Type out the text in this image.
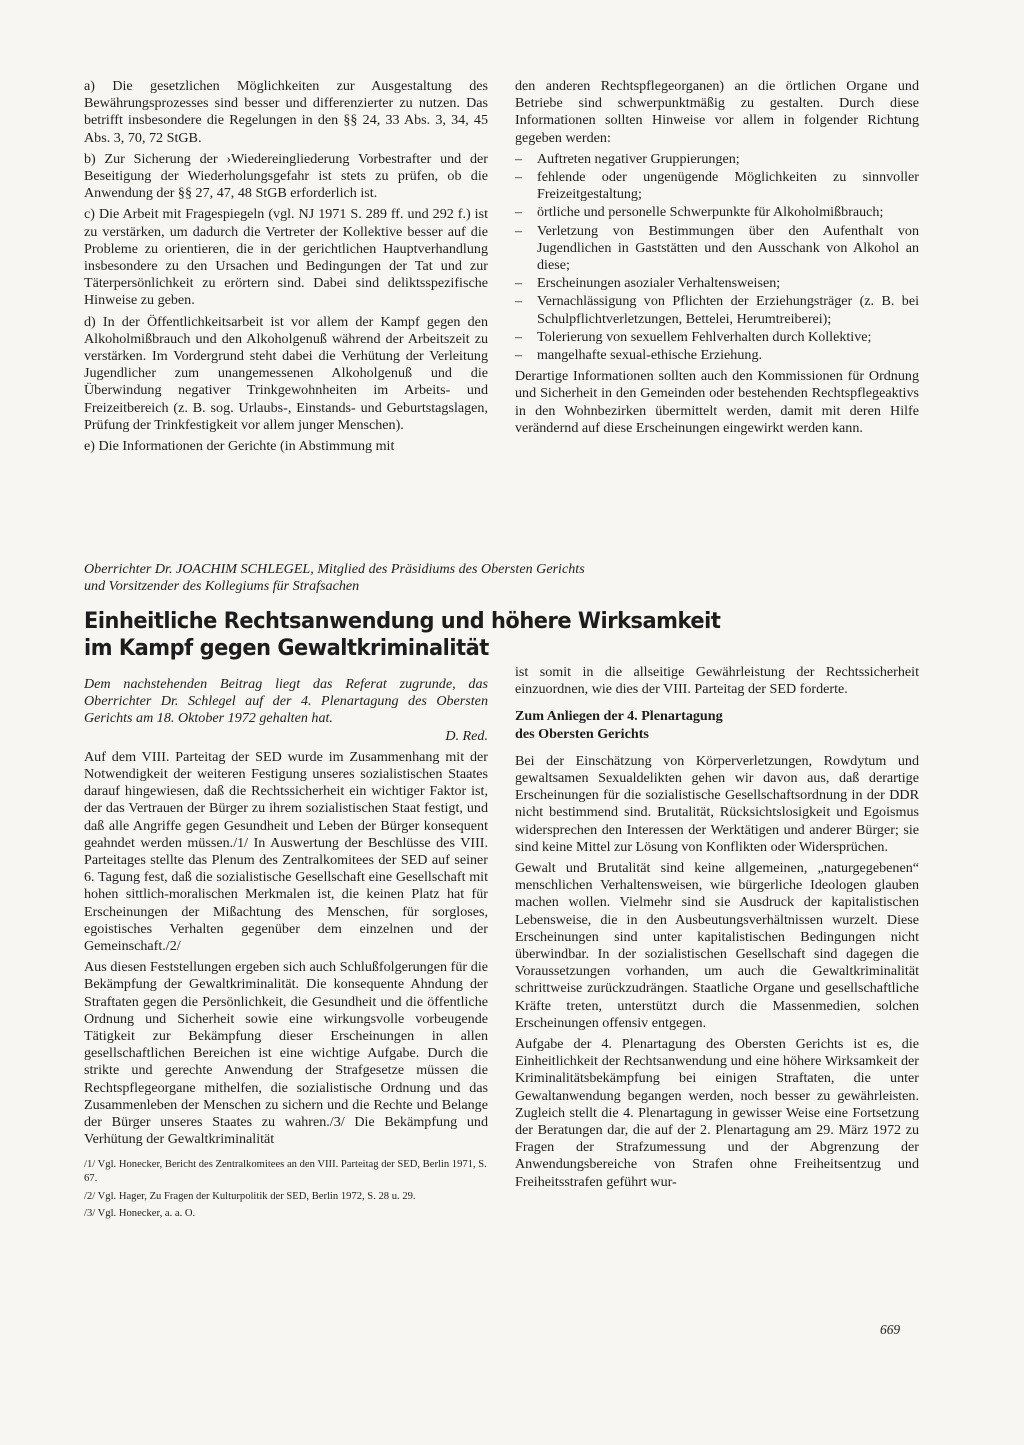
a) Die gesetzlichen Möglichkeiten zur Ausgestaltung des Bewährungsprozesses sind besser und differenzierter zu nutzen. Das betrifft insbesondere die Regelungen in den §§ 24, 33 Abs. 3, 34, 45 Abs. 3, 70, 72 StGB.

b) Zur Sicherung der ›Wiedereingliederung Vorbestrafter und der Beseitigung der Wiederholungsgefahr ist stets zu prüfen, ob die Anwendung der §§ 27, 47, 48 StGB erforderlich ist.

c) Die Arbeit mit Fragespiegeln (vgl. NJ 1971 S. 289 ff. und 292 f.) ist zu verstärken, um dadurch die Vertreter der Kollektive besser auf die Probleme zu orientieren, die in der gerichtlichen Hauptverhandlung insbesondere zu den Ursachen und Bedingungen der Tat und zur Täterpersönlichkeit zu erörtern sind. Dabei sind deliktsspezifische Hinweise zu geben.

d) In der Öffentlichkeitsarbeit ist vor allem der Kampf gegen den Alkoholmißbrauch und den Alkoholgenuß während der Arbeitszeit zu verstärken. Im Vordergrund steht dabei die Verhütung der Verleitung Jugendlicher zum unangemessenen Alkoholgenuß und die Überwindung negativer Trinkgewohnheiten im Arbeits- und Freizeitbereich (z. B. sog. Urlaubs-, Einstands- und Geburtstagslagen, Prüfung der Trinkfestigkeit vor allem junger Menschen).

e) Die Informationen der Gerichte (in Abstimmung mit

den anderen Rechtspflegeorganen) an die örtlichen Organe und Betriebe sind schwerpunktmäßig zu gestalten. Durch diese Informationen sollten Hinweise vor allem in folgender Richtung gegeben werden:

– Auftreten negativer Gruppierungen;
– fehlende oder ungenügende Möglichkeiten zu sinnvoller Freizeitgestaltung;
– örtliche und personelle Schwerpunkte für Alkoholmißbrauch;
– Verletzung von Bestimmungen über den Aufenthalt von Jugendlichen in Gaststätten und den Ausschank von Alkohol an diese;
– Erscheinungen asozialer Verhaltensweisen;
– Vernachlässigung von Pflichten der Erziehungsträger (z. B. bei Schulpflichtverletzungen, Bettelei, Herumtreiberei);
– Tolerierung von sexuellem Fehlverhalten durch Kollektive;
– mangelhafte sexual-ethische Erziehung.

Derartige Informationen sollten auch den Kommissionen für Ordnung und Sicherheit in den Gemeinden oder bestehenden Rechtspflegeaktivs in den Wohnbezirken übermittelt werden, damit mit deren Hilfe verändernd auf diese Erscheinungen eingewirkt werden kann.

Oberrichter Dr. JOACHIM SCHLEGEL, Mitglied des Präsidiums des Obersten Gerichts
und Vorsitzender des Kollegiums für Strafsachen
Einheitliche Rechtsanwendung und höhere Wirksamkeit
im Kampf gegen Gewaltkriminalität

Dem nachstehenden Beitrag liegt das Referat zugrunde, das Oberrichter Dr. Schlegel auf der 4. Plenartagung des Obersten Gerichts am 18. Oktober 1972 gehalten hat.
D. Red.

Auf dem VIII. Parteitag der SED wurde im Zusammenhang mit der Notwendigkeit der weiteren Festigung unseres sozialistischen Staates darauf hingewiesen, daß die Rechtssicherheit ein wichtiger Faktor ist, der das Vertrauen der Bürger zu ihrem sozialistischen Staat festigt, und daß alle Angriffe gegen Gesundheit und Leben der Bürger konsequent geahndet werden müssen./1/ In Auswertung der Beschlüsse des VIII. Parteitages stellte das Plenum des Zentralkomitees der SED auf seiner 6. Tagung fest, daß die sozialistische Gesellschaft eine Gesellschaft mit hohen sittlich-moralischen Merkmalen ist, die keinen Platz hat für Erscheinungen der Mißachtung des Menschen, für sorgloses, egoistisches Verhalten gegenüber dem einzelnen und der Gemeinschaft./2/

Aus diesen Feststellungen ergeben sich auch Schlußfolgerungen für die Bekämpfung der Gewaltkriminalität. Die konsequente Ahndung der Straftaten gegen die Persönlichkeit, die Gesundheit und die öffentliche Ordnung und Sicherheit sowie eine wirkungsvolle vorbeugende Tätigkeit zur Bekämpfung dieser Erscheinungen in allen gesellschaftlichen Bereichen ist eine wichtige Aufgabe. Durch die strikte und gerechte Anwendung der Strafgesetze müssen die Rechtspflegeorgane mithelfen, die sozialistische Ordnung und das Zusammenleben der Menschen zu sichern und die Rechte und Belange der Bürger unseres Staates zu wahren./3/ Die Bekämpfung und Verhütung der Gewaltkriminalität

/1/ Vgl. Honecker, Bericht des Zentralkomitees an den VIII. Parteitag der SED, Berlin 1971, S. 67.
/2/ Vgl. Hager, Zu Fragen der Kulturpolitik der SED, Berlin 1972, S. 28 u. 29.
/3/ Vgl. Honecker, a. a. O.

ist somit in die allseitige Gewährleistung der Rechtssicherheit einzuordnen, wie dies der VIII. Parteitag der SED forderte.

Zum Anliegen der 4. Plenartagung
des Obersten Gerichts

Bei der Einschätzung von Körperverletzungen, Rowdytum und gewaltsamen Sexualdelikten gehen wir davon aus, daß derartige Erscheinungen für die sozialistische Gesellschaftsordnung in der DDR nicht bestimmend sind. Brutalität, Rücksichtslosigkeit und Egoismus widersprechen den Interessen der Werktätigen und anderer Bürger; sie sind keine Mittel zur Lösung von Konflikten oder Widersprüchen.

Gewalt und Brutalität sind keine allgemeinen, „naturgegebenen“ menschlichen Verhaltensweisen, wie bürgerliche Ideologen glauben machen wollen. Vielmehr sind sie Ausdruck der kapitalistischen Lebensweise, die in den Ausbeutungsverhältnissen wurzelt. Diese Erscheinungen sind unter kapitalistischen Bedingungen nicht überwindbar. In der sozialistischen Gesellschaft sind dagegen die Voraussetzungen vorhanden, um auch die Gewaltkriminalität schrittweise zurückzudrängen. Staatliche Organe und gesellschaftliche Kräfte treten, unterstützt durch die Massenmedien, solchen Erscheinungen offensiv entgegen.

Aufgabe der 4. Plenartagung des Obersten Gerichts ist es, die Einheitlichkeit der Rechtsanwendung und eine höhere Wirksamkeit der Kriminalitätsbekämpfung bei einigen Straftaten, die unter Gewaltanwendung begangen werden, noch besser zu gewährleisten. Zugleich stellt die 4. Plenartagung in gewisser Weise eine Fortsetzung der Beratungen dar, die auf der 2. Plenartagung am 29. März 1972 zu Fragen der Strafzumessung und der Abgrenzung der Anwendungsbereiche von Strafen ohne Freiheitsentzug und Freiheitsstrafen geführt wur-

669
